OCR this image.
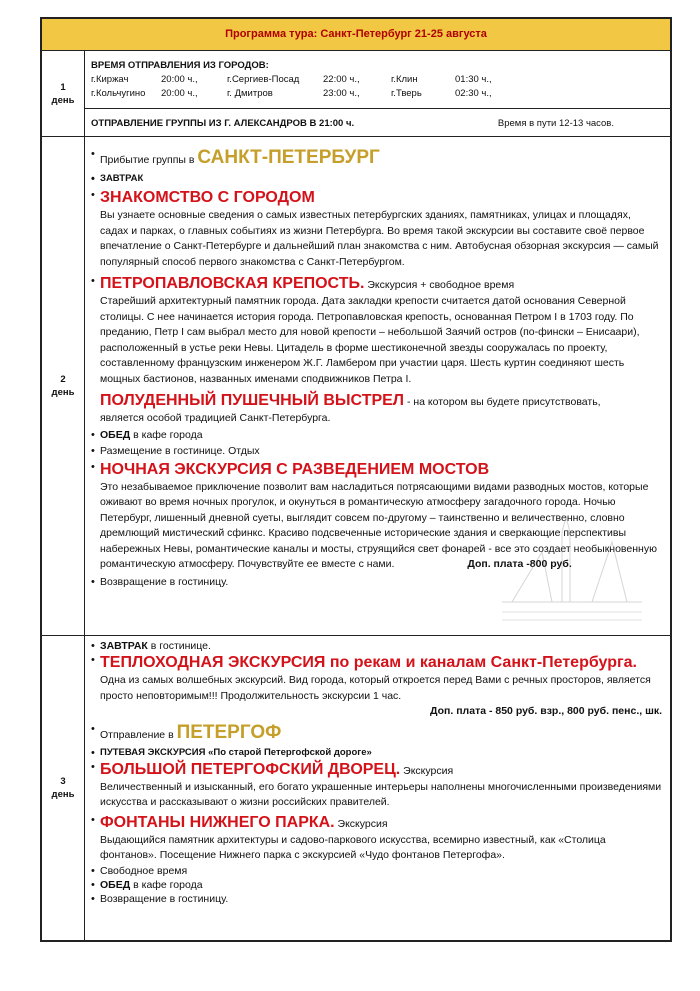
Программа тура: Санкт-Петербург 21-25 августа
1
день
ВРЕМЯ ОТПРАВЛЕНИЯ ИЗ ГОРОДОВ:
г.Киржач	20:00 ч.,	г.Сергиев-Посад	22:00 ч.,	г.Клин	01:30 ч.,
г.Кольчугино	20:00 ч.,	г. Дмитров	23:00 ч.,	г.Тверь	02:30 ч.,
ОТПРАВЛЕНИЕ ГРУППЫ ИЗ Г. АЛЕКСАНДРОВ В 21:00 ч.	Время в пути 12-13 часов.
2
день
• Прибытие группы в САНКТ-ПЕТЕРБУРГ
• ЗАВТРАК
• ЗНАКОМСТВО С ГОРОДОМ
Вы узнаете основные сведения о самых известных петербургских зданиях, памятниках, улицах и площадях, садах и парках, о главных событиях из жизни Петербурга. Во время такой экскурсии вы составите своё первое впечатление о Санкт-Петербурге и дальнейший план знакомства с ним. Автобусная обзорная экскурсия — самый популярный способ первого знакомства с Санкт-Петербургом.
• ПЕТРОПАВЛОВСКАЯ КРЕПОСТЬ. Экскурсия + свободное время
Старейший архитектурный памятник города. Дата закладки крепости считается датой основания Северной столицы. С нее начинается история города. Петропавловская крепость, основанная Петром I в 1703 году. По преданию, Петр I сам выбрал место для новой крепости – небольшой Заячий остров (по-фински – Енисаари), расположенный в устье реки Невы. Цитадель в форме шестиконечной звезды сооружалась по проекту, составленному французским инженером Ж.Г. Ламбером при участии царя. Шесть куртин соединяют шесть мощных бастионов, названных именами сподвижников Петра I.
ПОЛУДЕННЫЙ ПУШЕЧНЫЙ ВЫСТРЕЛ - на котором вы будете присутствовать,
является особой традицией Санкт-Петербурга.
• ОБЕД в кафе города
• Размещение в гостинице. Отдых
• НОЧНАЯ ЭКСКУРСИЯ С РАЗВЕДЕНИЕМ МОСТОВ
Это незабываемое приключение позволит вам насладиться потрясающими видами разводных мостов, которые оживают во время ночных прогулок, и окунуться в романтическую атмосферу загадочного города. Ночью Петербург, лишенный дневной суеты, выглядит совсем по-другому – таинственно и величественно, словно дремлющий мистический сфинкс. Красиво подсвеченные исторические здания и сверкающие перспективы набережных Невы, романтические каналы и мосты, струящийся свет фонарей - все это создает необыкновенную романтическую атмосферу. Почувствуйте ее вместе с нами.	Доп. плата -800 руб.
• Возвращение в гостиницу.
3
день
• ЗАВТРАК в гостинице.
• ТЕПЛОХОДНАЯ ЭКСКУРСИЯ по рекам и каналам Санкт-Петербурга.
Одна из самых волшебных экскурсий. Вид города, который откроется перед Вами с речных просторов, является просто неповторимым!!! Продолжительность экскурсии 1 час.
Доп. плата - 850 руб. взр., 800 руб. пенс., шк.
• Отправление в ПЕТЕРГОФ
• ПУТЕВАЯ ЭКСКУРСИЯ «По старой Петергофской дороге»
• БОЛЬШОЙ ПЕТЕРГОФСКИЙ ДВОРЕЦ. Экскурсия
Величественный и изысканный, его богато украшенные интерьеры наполнены многочисленными произведениями искусства и рассказывают о жизни российских правителей.
• ФОНТАНЫ НИЖНЕГО ПАРКА. Экскурсия
Выдающийся памятник архитектуры и садово-паркового искусства, всемирно известный, как «Столица фонтанов». Посещение Нижнего парка с экскурсией «Чудо фонтанов Петергофа».
• Свободное время
• ОБЕД в кафе города
• Возвращение в гостиницу.
